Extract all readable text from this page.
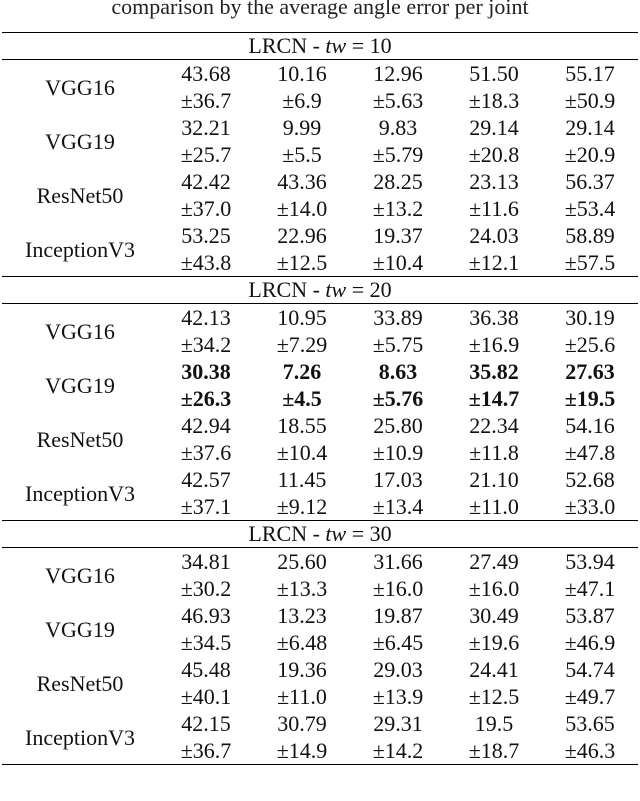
comparison by the average angle error per joint
LRCN - tw = 10					
VGG16	43.68	10.16	12.96	51.50	55.17
	±36.7	±6.9	±5.63	±18.3	±50.9
VGG19	32.21	9.99	9.83	29.14	29.14
	±25.7	±5.5	±5.79	±20.8	±20.9
ResNet50	42.42	43.36	28.25	23.13	56.37
	±37.0	±14.0	±13.2	±11.6	±53.4
InceptionV3	53.25	22.96	19.37	24.03	58.89
	±43.8	±12.5	±10.4	±12.1	±57.5
LRCN - tw = 20					
VGG16	42.13	10.95	33.89	36.38	30.19
	±34.2	±7.29	±5.75	±16.9	±25.6
VGG19	30.38	7.26	8.63	35.82	27.63
	±26.3	±4.5	±5.76	±14.7	±19.5
ResNet50	42.94	18.55	25.80	22.34	54.16
	±37.6	±10.4	±10.9	±11.8	±47.8
InceptionV3	42.57	11.45	17.03	21.10	52.68
	±37.1	±9.12	±13.4	±11.0	±33.0
LRCN - tw = 30					
VGG16	34.81	25.60	31.66	27.49	53.94
	±30.2	±13.3	±16.0	±16.0	±47.1
VGG19	46.93	13.23	19.87	30.49	53.87
	±34.5	±6.48	±6.45	±19.6	±46.9
ResNet50	45.48	19.36	29.03	24.41	54.74
	±40.1	±11.0	±13.9	±12.5	±49.7
InceptionV3	42.15	30.79	29.31	19.5	53.65
	±36.7	±14.9	±14.2	±18.7	±46.3
